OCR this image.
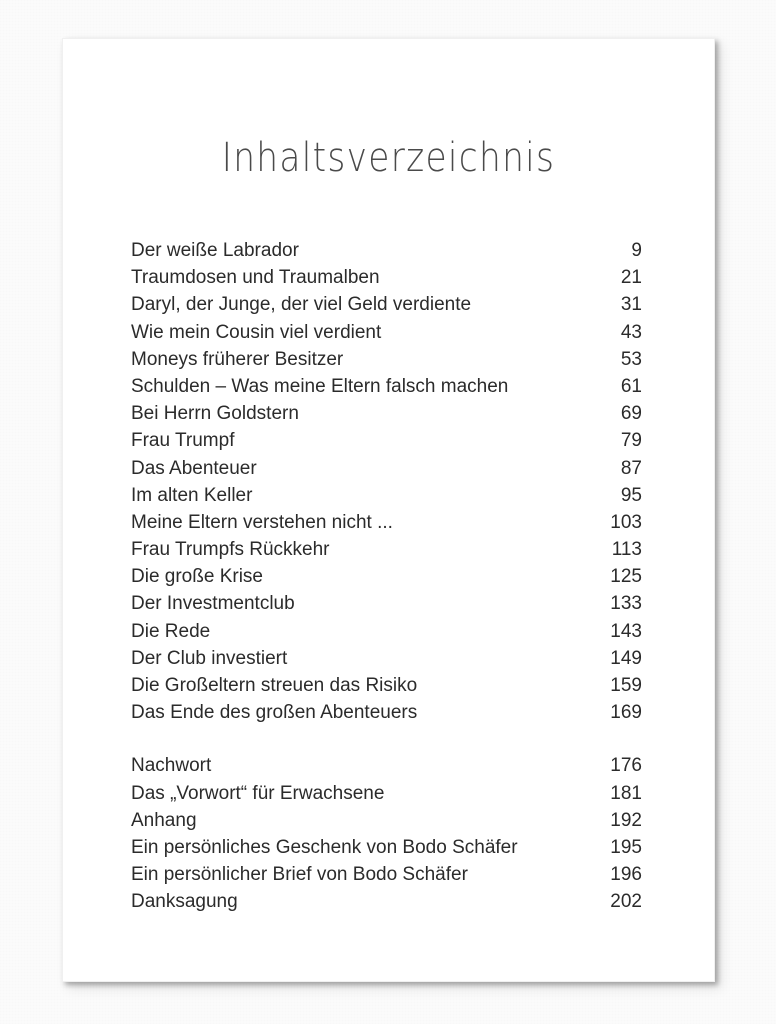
Inhaltsverzeichnis
Der weiße Labrador	9
Traumdosen und Traumalben	21
Daryl, der Junge, der viel Geld verdiente	31
Wie mein Cousin viel verdient	43
Moneys früherer Besitzer	53
Schulden – Was meine Eltern falsch machen	61
Bei Herrn Goldstern	69
Frau Trumpf	79
Das Abenteuer	87
Im alten Keller	95
Meine Eltern verstehen nicht ...	103
Frau Trumpfs Rückkehr	113
Die große Krise	125
Der Investmentclub	133
Die Rede	143
Der Club investiert	149
Die Großeltern streuen das Risiko	159
Das Ende des großen Abenteuers	169
Nachwort	176
Das „Vorwort“ für Erwachsene	181
Anhang	192
Ein persönliches Geschenk von Bodo Schäfer	195
Ein persönlicher Brief von Bodo Schäfer	196
Danksagung	202
